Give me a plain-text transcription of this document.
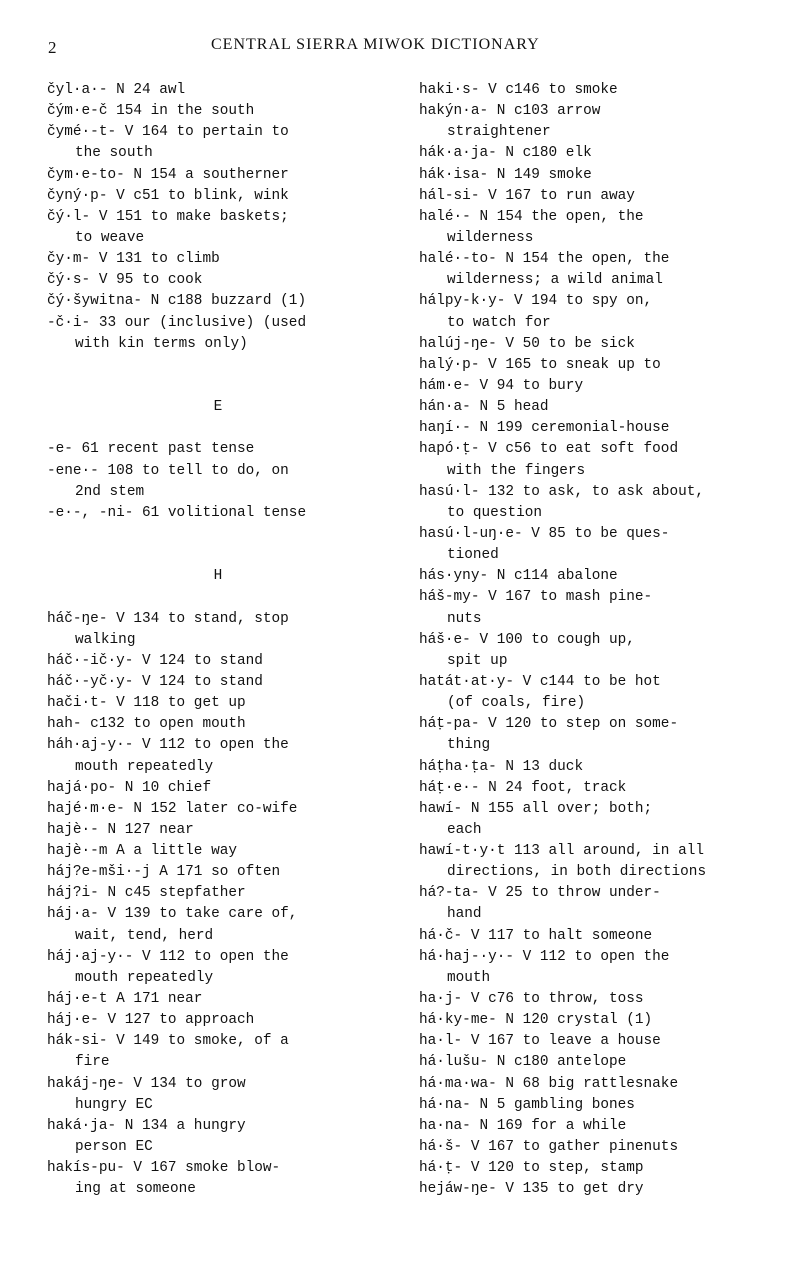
2	CENTRAL SIERRA MIWOK DICTIONARY
čyl·a·- N 24 awl
čým·e-č 154 in the south
čymé·-t- V 164 to pertain to
the south
čym·e-to- N 154 a southerner
čyný·p- V c51 to blink, wink
čý·l- V 151 to make baskets;
to weave
čy·m- V 131 to climb
čý·s- V 95 to cook
čý·šywitna- N c188 buzzard (1)
-č·i- 33 our (inclusive) (used
with kin terms only)
E
-e- 61 recent past tense
-ene·- 108 to tell to do, on
2nd stem
-e·-, -ni- 61 volitional tense
H
háč-ŋe- V 134 to stand, stop
walking
háč·-ič·y- V 124 to stand
háč·-yč·y- V 124 to stand
hači·t- V 118 to get up
hah- c132 to open mouth
háh·aj-y·- V 112 to open the
mouth repeatedly
hajá·po- N 10 chief
hajé·m·e- N 152 later co-wife
hajè·- N 127 near
hajè·-m A a little way
háj?e-mši·-j A 171 so often
háj?i- N c45 stepfather
háj·a- V 139 to take care of,
wait, tend, herd
háj·aj-y·- V 112 to open the
mouth repeatedly
háj·e-t A 171 near
háj·e- V 127 to approach
hák-si- V 149 to smoke, of a
fire
hakáj-ŋe- V 134 to grow
hungry EC
haká·ja- N 134 a hungry
person EC
hakís-pu- V 167 smoke blow-
ing at someone
haki·s- V c146 to smoke
hakýn·a- N c103 arrow
straightener
hák·a·ja- N c180 elk
hák·isa- N 149 smoke
hál-si- V 167 to run away
halé·- N 154 the open, the
wilderness
halé·-to- N 154 the open, the
wilderness; a wild animal
hálpy-k·y- V 194 to spy on,
to watch for
halúj-ŋe- V 50 to be sick
halý·p- V 165 to sneak up to
hám·e- V 94 to bury
hán·a- N 5 head
haŋí·- N 199 ceremonial-house
hapó·ṭ- V c56 to eat soft food
with the fingers
hasú·l- 132 to ask, to ask about,
to question
hasú·l-uŋ·e- V 85 to be ques-
tioned
hás·yny- N c114 abalone
háš-my- V 167 to mash pine-
nuts
háš·e- V 100 to cough up,
spit up
hatát·at·y- V c144 to be hot
(of coals, fire)
háṭ-pa- V 120 to step on some-
thing
háṭha·ṭa- N 13 duck
háṭ·e·- N 24 foot, track
hawí- N 155 all over; both;
each
hawí-t·y·t 113 all around, in all
directions, in both directions
há?-ta- V 25 to throw under-
hand
há·č- V 117 to halt someone
há·haj-·y·- V 112 to open the
mouth
ha·j- V c76 to throw, toss
há·ky-me- N 120 crystal (1)
ha·l- V 167 to leave a house
há·lušu- N c180 antelope
há·ma·wa- N 68 big rattlesnake
há·na- N 5 gambling bones
ha·na- N 169 for a while
há·š- V 167 to gather pinenuts
há·ṭ- V 120 to step, stamp
hejáw-ŋe- V 135 to get dry
